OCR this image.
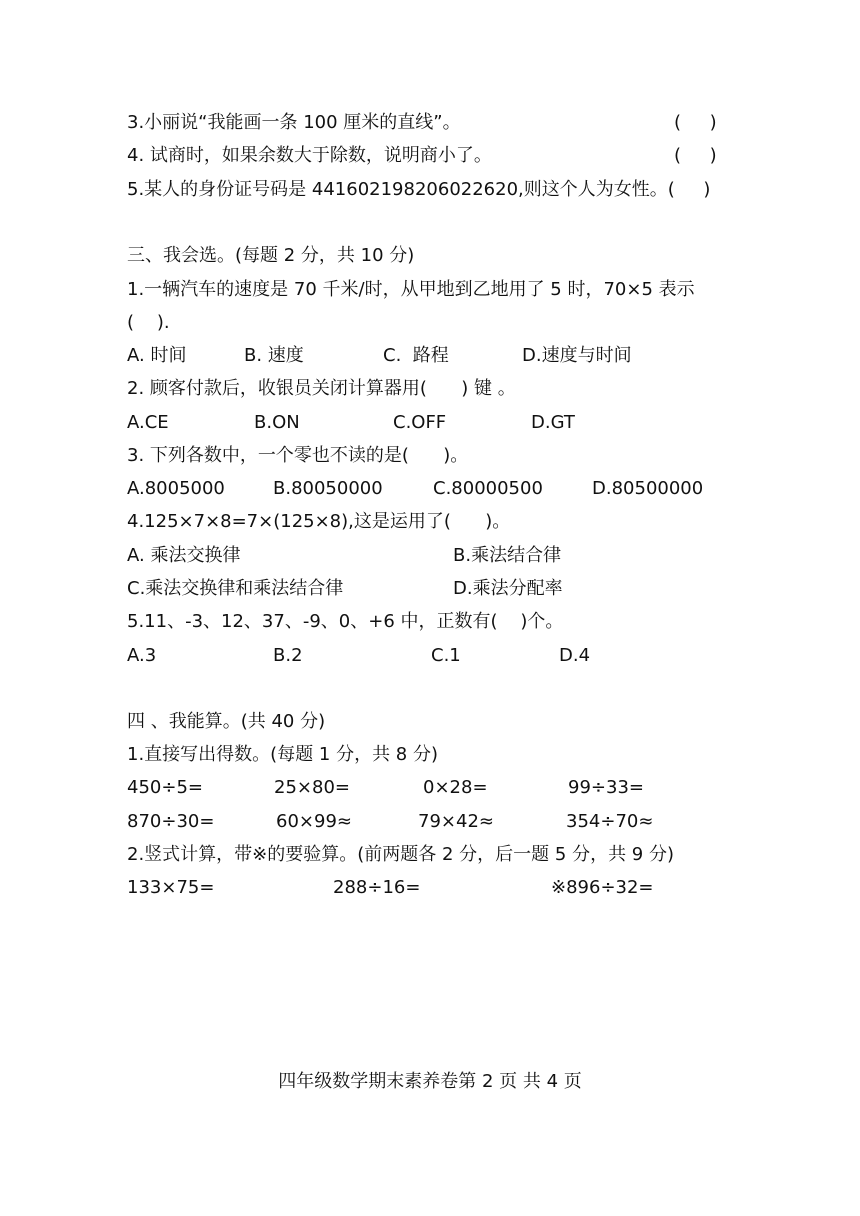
3.小丽说“我能画一条 100 厘米的直线”。	(     )
4. 试商时，如果余数大于除数，说明商小了。	(     )
5.某人的身份证号码是 441602198206022620,则这个人为女性。(     )
三、我会选。(每题 2 分，共 10 分)
1.一辆汽车的速度是 70 千米/时，从甲地到乙地用了 5 时，70×5 表示
(    ).

A. 时间

	B. 速度

	C.  路程

	D.速度与时间

2. 顾客付款后，收银员关闭计算器用(      ) 键 。

A.CE

	B.ON

	C.OFF

	D.GT

3. 下列各数中，一个零也不读的是(      )。

A.8005000

	B.80050000

	C.80000500

	D.80500000

4.125×7×8=7×(125×8),这是运用了(      )。

A. 乘法交换律

	B.乘法结合律

C.乘法交换律和乘法结合律

	D.乘法分配率

5.11、-3、12、37、-9、0、+6 中，正数有(    )个。

A.3

	B.2

	C.1

	D.4

四 、我能算。(共 40 分)
1.直接写出得数。(每题 1 分，共 8 分)

450÷5=

	25×80=

	0×28=

	99÷33=

870÷30=

	60×99≈

	79×42≈

	354÷70≈

2.竖式计算，带※的要验算。(前两题各 2 分，后一题 5 分，共 9 分)

133×75=

	288÷16=

	※896÷32=

四年级数学期末素养卷第 2 页 共 4 页
